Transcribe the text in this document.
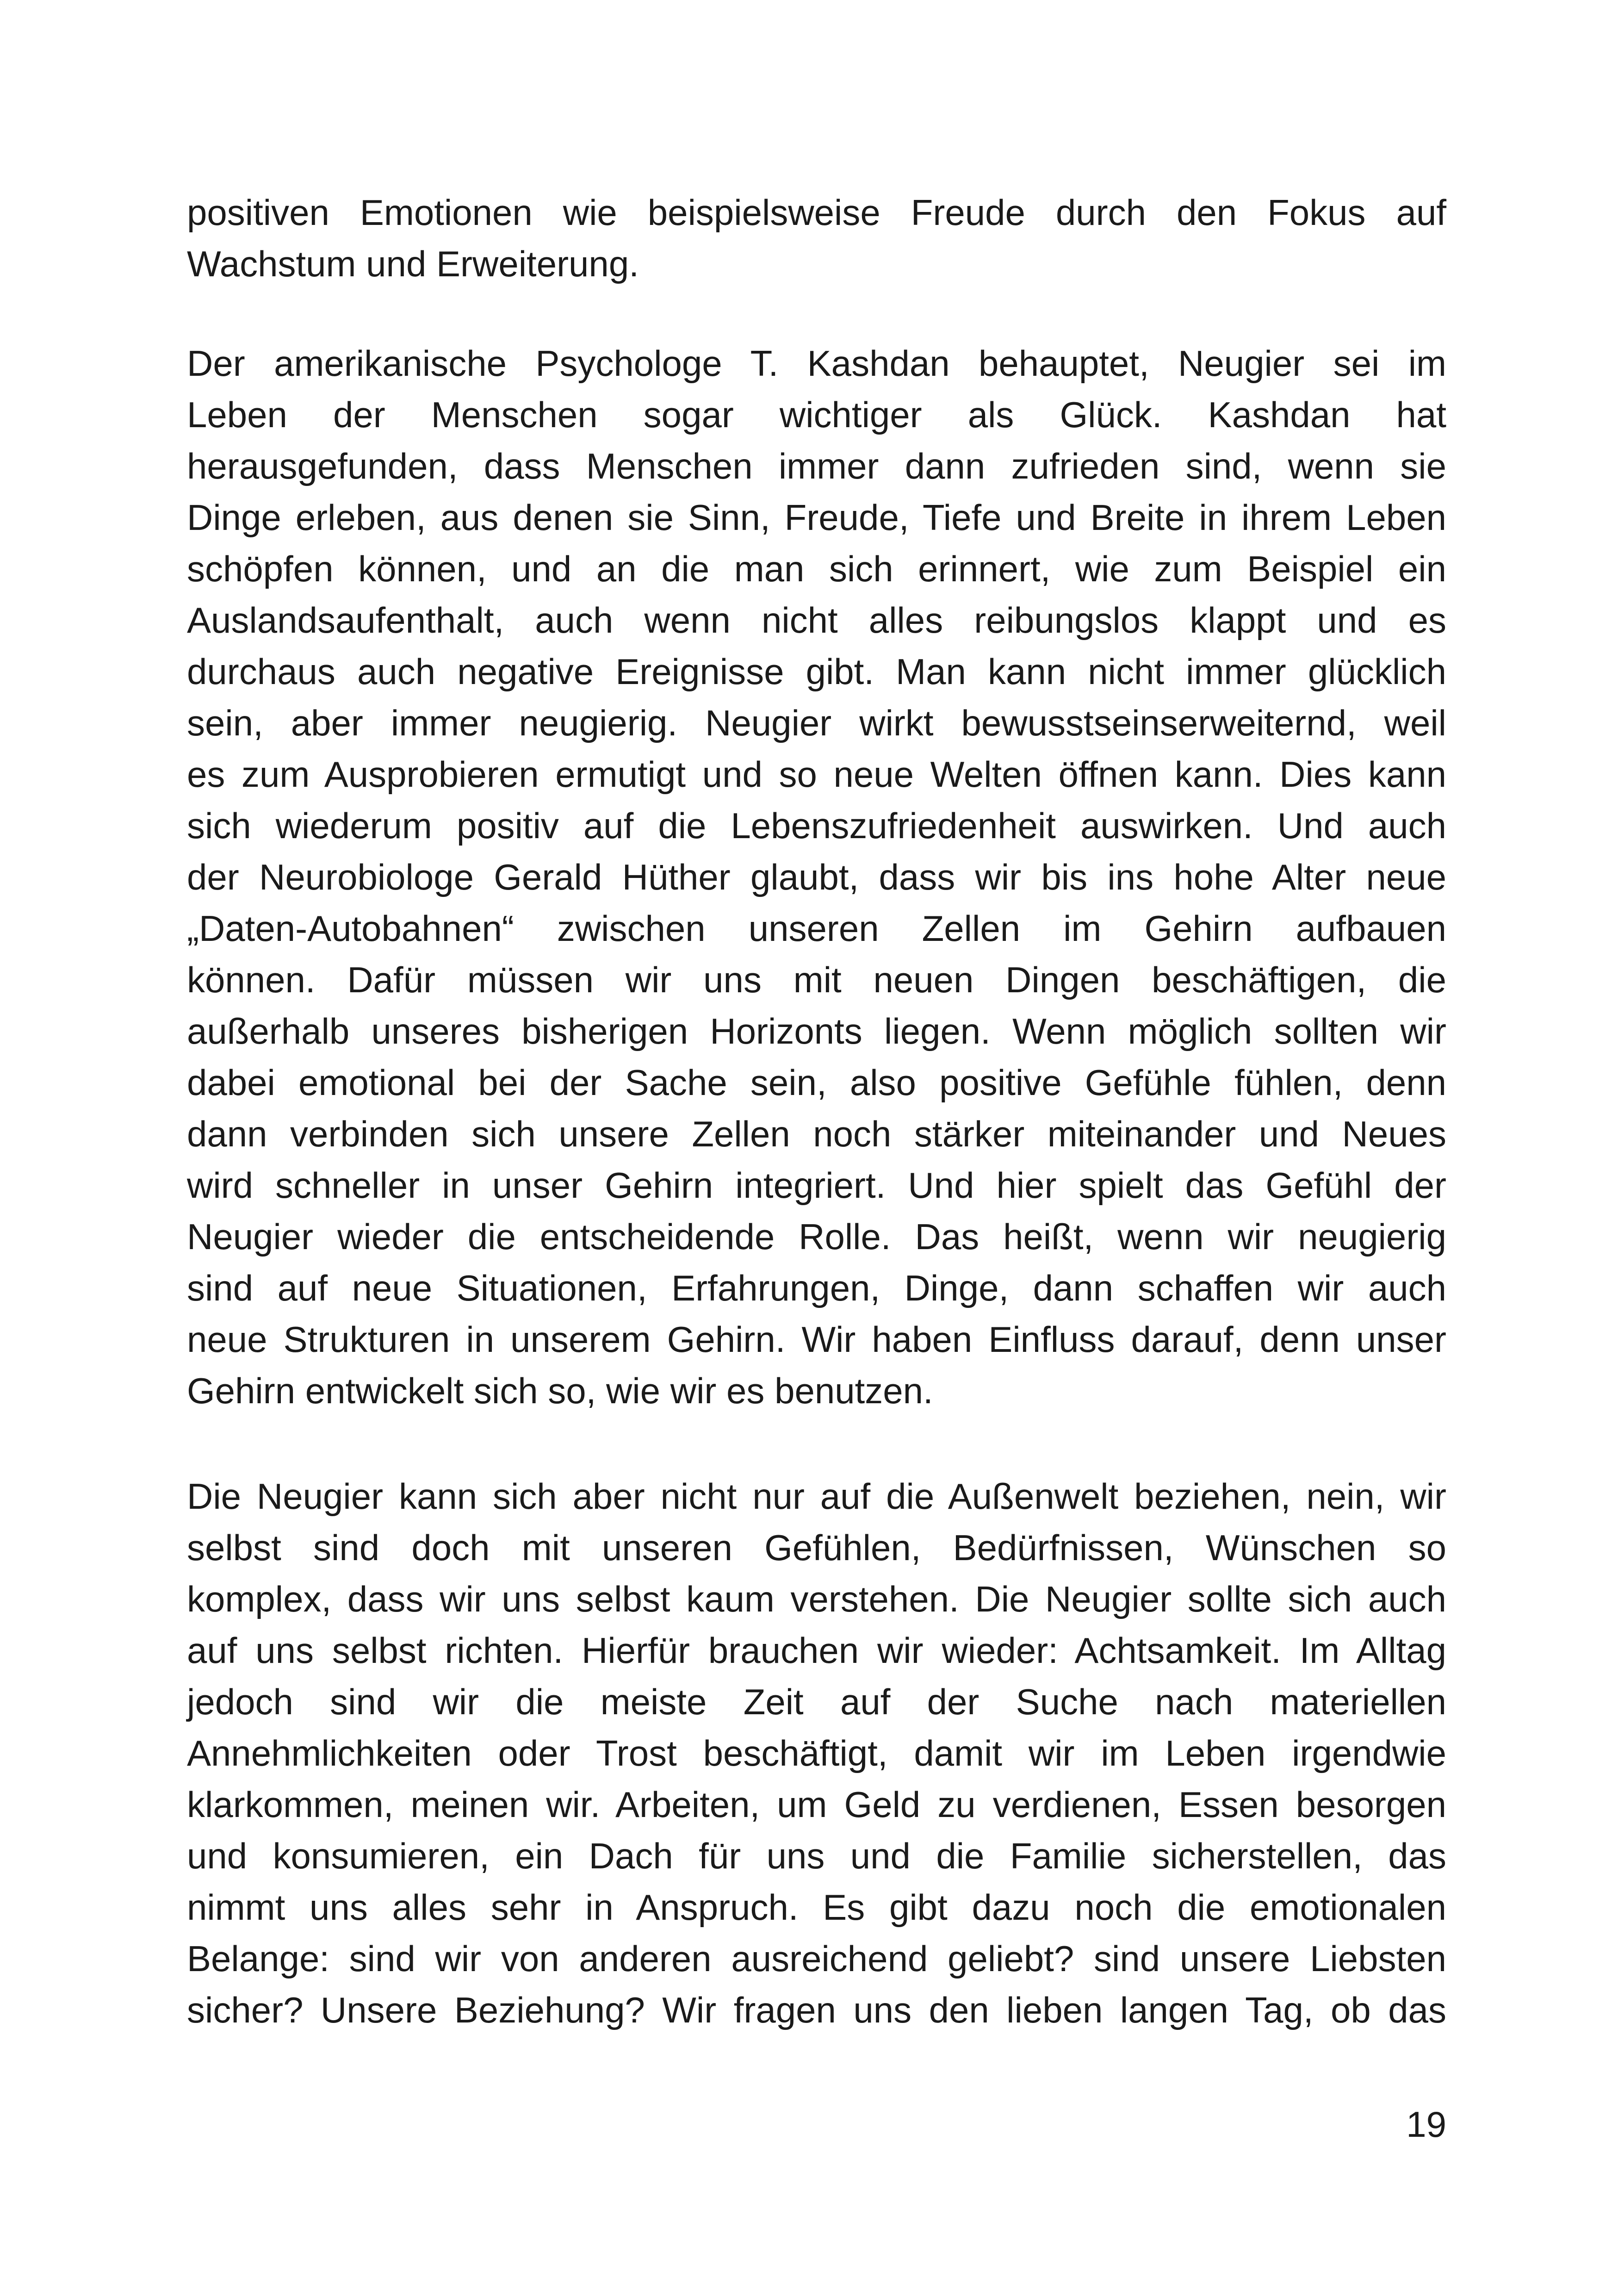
positiven Emotionen wie beispielsweise Freude durch den Fokus auf
Wachstum und Erweiterung.
Der amerikanische Psychologe T. Kashdan behauptet, Neugier sei im
Leben der Menschen sogar wichtiger als Glück. Kashdan hat
herausgefunden, dass Menschen immer dann zufrieden sind, wenn sie
Dinge erleben, aus denen sie Sinn, Freude, Tiefe und Breite in ihrem Leben
schöpfen können, und an die man sich erinnert, wie zum Beispiel ein
Auslandsaufenthalt, auch wenn nicht alles reibungslos klappt und es
durchaus auch negative Ereignisse gibt. Man kann nicht immer glücklich
sein, aber immer neugierig. Neugier wirkt bewusstseinserweiternd, weil
es zum Ausprobieren ermutigt und so neue Welten öffnen kann. Dies kann
sich wiederum positiv auf die Lebenszufriedenheit auswirken. Und auch
der Neurobiologe Gerald Hüther glaubt, dass wir bis ins hohe Alter neue
„Daten-Autobahnen“ zwischen unseren Zellen im Gehirn aufbauen
können. Dafür müssen wir uns mit neuen Dingen beschäftigen, die
außerhalb unseres bisherigen Horizonts liegen. Wenn möglich sollten wir
dabei emotional bei der Sache sein, also positive Gefühle fühlen, denn
dann verbinden sich unsere Zellen noch stärker miteinander und Neues
wird schneller in unser Gehirn integriert. Und hier spielt das Gefühl der
Neugier wieder die entscheidende Rolle. Das heißt, wenn wir neugierig
sind auf neue Situationen, Erfahrungen, Dinge, dann schaffen wir auch
neue Strukturen in unserem Gehirn. Wir haben Einfluss darauf, denn unser
Gehirn entwickelt sich so, wie wir es benutzen.
Die Neugier kann sich aber nicht nur auf die Außenwelt beziehen, nein, wir
selbst sind doch mit unseren Gefühlen, Bedürfnissen, Wünschen so
komplex, dass wir uns selbst kaum verstehen. Die Neugier sollte sich auch
auf uns selbst richten. Hierfür brauchen wir wieder: Achtsamkeit. Im Alltag
jedoch sind wir die meiste Zeit auf der Suche nach materiellen
Annehmlichkeiten oder Trost beschäftigt, damit wir im Leben irgendwie
klarkommen, meinen wir. Arbeiten, um Geld zu verdienen, Essen besorgen
und konsumieren, ein Dach für uns und die Familie sicherstellen, das
nimmt uns alles sehr in Anspruch. Es gibt dazu noch die emotionalen
Belange: sind wir von anderen ausreichend geliebt? sind unsere Liebsten
sicher? Unsere Beziehung? Wir fragen uns den lieben langen Tag, ob das

19
